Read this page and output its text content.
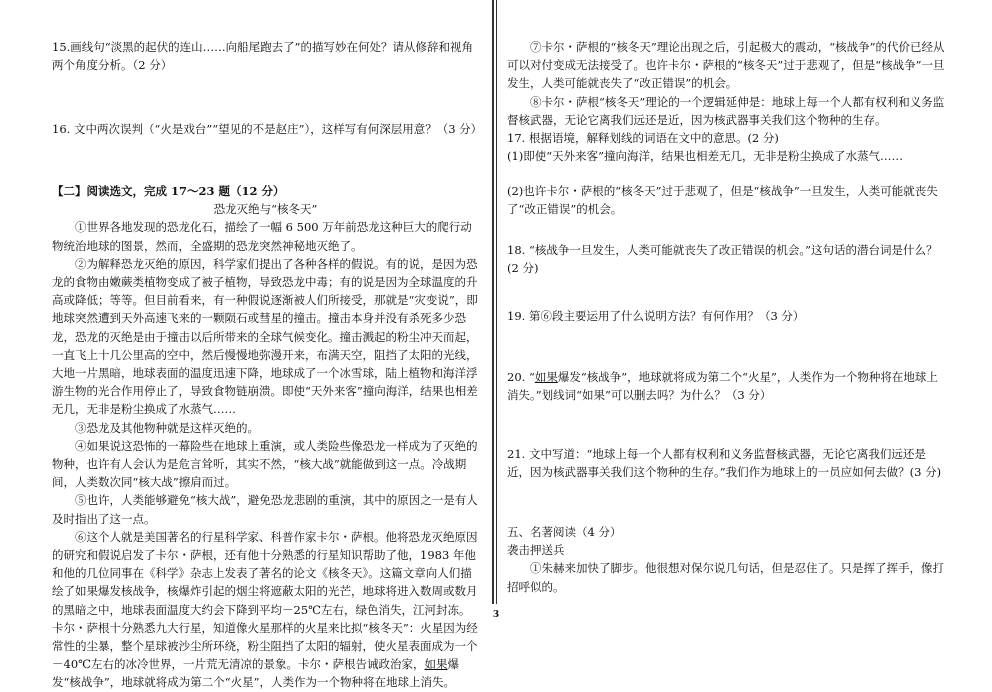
15.画线句“淡黑的起伏的连山……向船尾跑去了”的描写妙在何处？请从修辞和视角两个角度分析。（2 分）

16. 文中两次误判（“火是戏台”“望见的不是赵庄”），这样写有何深层用意？（3 分）

【二】阅读选文，完成 17～23 题（12 分）

恐龙灭绝与“核冬天”

①世界各地发现的恐龙化石，描绘了一幅 6 500 万年前恐龙这种巨大的爬行动物统治地球的图景，然而，全盛期的恐龙突然神秘地灭绝了。

②为解释恐龙灭绝的原因，科学家们提出了各种各样的假说。有的说，是因为恐龙的食物由嫩蕨类植物变成了被子植物，导致恐龙中毒；有的说是因为全球温度的升高或降低；等等。但目前看来，有一种假说逐渐被人们所接受，那就是“灾变说”，即地球突然遭到天外高速飞来的一颗陨石或彗星的撞击。撞击本身并没有杀死多少恐龙，恐龙的灭绝是由于撞击以后所带来的全球气候变化。撞击溅起的粉尘冲天而起，一直飞上十几公里高的空中，然后慢慢地弥漫开来，布满天空，阻挡了太阳的光线，大地一片黑暗，地球表面的温度迅速下降，地球成了一个冰雪球，陆上植物和海洋浮游生物的光合作用停止了，导致食物链崩溃。即使“天外来客”撞向海洋，结果也相差无几，无非是粉尘换成了水蒸气……

③恐龙及其他物种就是这样灭绝的。

④如果说这恐怖的一幕险些在地球上重演，或人类险些像恐龙一样成为了灭绝的物种，也许有人会认为是危言耸听，其实不然，“核大战”就能做到这一点。冷战期间，人类数次同“核大战”擦肩而过。

⑤也许，人类能够避免“核大战”，避免恐龙悲剧的重演，其中的原因之一是有人及时指出了这一点。

⑥这个人就是美国著名的行星科学家、科普作家卡尔・萨根。他将恐龙灭绝原因的研究和假说启发了卡尔・萨根，还有他十分熟悉的行星知识帮助了他，1983 年他和他的几位同事在《科学》杂志上发表了著名的论文《核冬天》。这篇文章向人们描绘了如果爆发核战争，核爆炸引起的烟尘将遮蔽太阳的光芒，地球将进入数周或数月的黑暗之中，地球表面温度大约会下降到平均－25℃左右，绿色消失，江河封冻。卡尔・萨根十分熟悉九大行星，知道像火星那样的火星来比拟“核冬天”：火星因为经常性的尘暴，整个星球被沙尘所环绕，粉尘阻挡了太阳的辐射，使火星表面成为一个－40℃左右的冰冷世界，一片荒无清凉的景象。卡尔・萨根告诫政治家，如果爆发“核战争”，地球就将成为第二个“火星”，人类作为一个物种将在地球上消失。

⑦卡尔・萨根的“核冬天”理论出现之后，引起极大的震动，“核战争”的代价已经从可以对付变成无法接受了。也许卡尔・萨根的“核冬天”过于悲观了，但是“核战争”一旦发生，人类可能就丧失了“改正错误”的机会。

⑧卡尔・萨根“核冬天”理论的一个逻辑延伸是：地球上每一个人都有权利和义务监督核武器，无论它离我们远还是近，因为核武器事关我们这个物种的生存。

17. 根据语境，解释划线的词语在文中的意思。(2 分)

(1)即使“天外来客”撞向海洋，结果也相差无几，无非是粉尘换成了水蒸气……

(2)也许卡尔・萨根的“核冬天”过于悲观了，但是“核战争”一旦发生，人类可能就丧失了“改正错误”的机会。

18. “核战争一旦发生，人类可能就丧失了改正错误的机会。”这句话的潜台词是什么？(2 分)

19. 第⑥段主要运用了什么说明方法？有何作用？（3 分）

20. “如果爆发“核战争”，地球就将成为第二个“火星”，人类作为一个物种将在地球上消失。”划线词“如果”可以删去吗？为什么？（3 分）

21. 文中写道：“地球上每一个人都有权利和义务监督核武器，无论它离我们远还是近，因为核武器事关我们这个物种的生存。”我们作为地球上的一员应如何去做？(3 分)

五、名著阅读（4 分）

袭击押送兵

①朱赫来加快了脚步。他很想对保尔说几句话，但是忍住了。只是挥了挥手，像打招呼似的。

3
